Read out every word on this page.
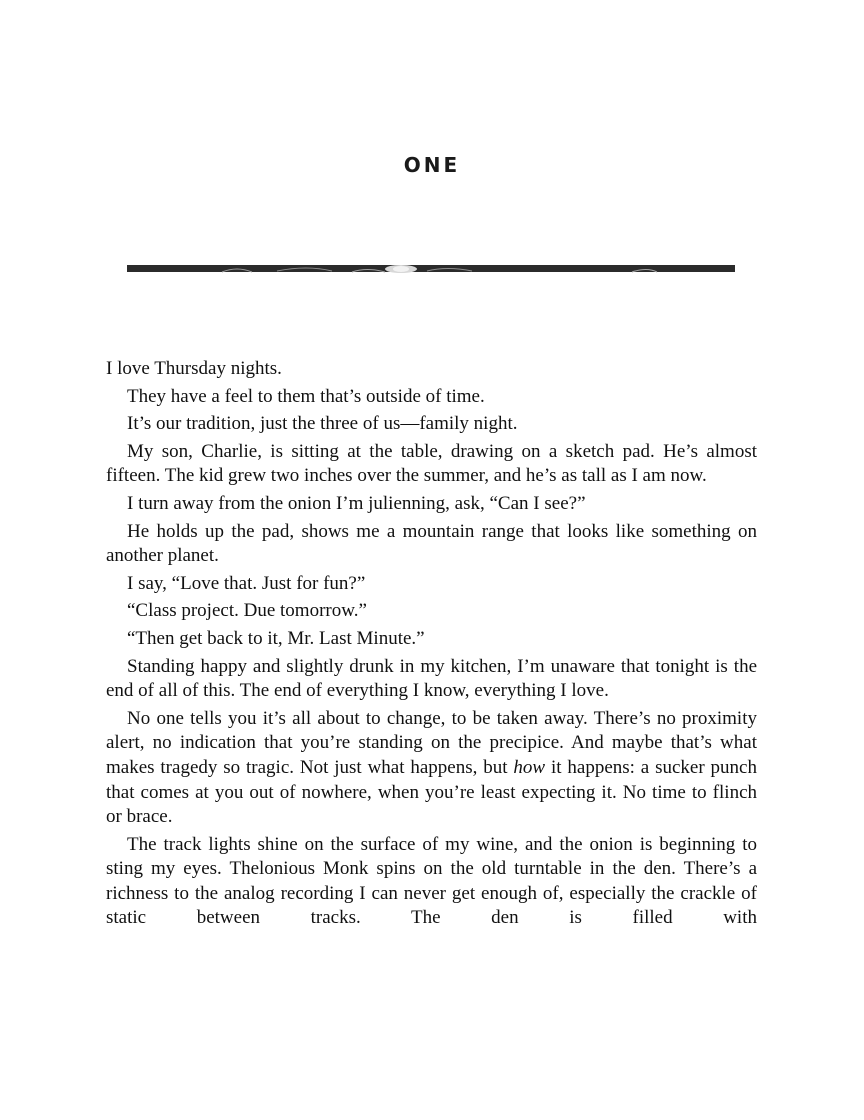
ONE

I love Thursday nights.

They have a feel to them that’s outside of time.

It’s our tradition, just the three of us—family night.

My son, Charlie, is sitting at the table, drawing on a sketch pad. He’s almost fifteen. The kid grew two inches over the summer, and he’s as tall as I am now.

I turn away from the onion I’m julienning, ask, “Can I see?”

He holds up the pad, shows me a mountain range that looks like something on another planet.

I say, “Love that. Just for fun?”

“Class project. Due tomorrow.”

“Then get back to it, Mr. Last Minute.”

Standing happy and slightly drunk in my kitchen, I’m unaware that tonight is the end of all of this. The end of everything I know, everything I love.

No one tells you it’s all about to change, to be taken away. There’s no proximity alert, no indication that you’re standing on the precipice. And maybe that’s what makes tragedy so tragic. Not just what happens, but how it happens: a sucker punch that comes at you out of nowhere, when you’re least expecting it. No time to flinch or brace.

The track lights shine on the surface of my wine, and the onion is beginning to sting my eyes. Thelonious Monk spins on the old turntable in the den. There’s a richness to the analog recording I can never get enough of, especially the crackle of static between tracks. The den is filled with
